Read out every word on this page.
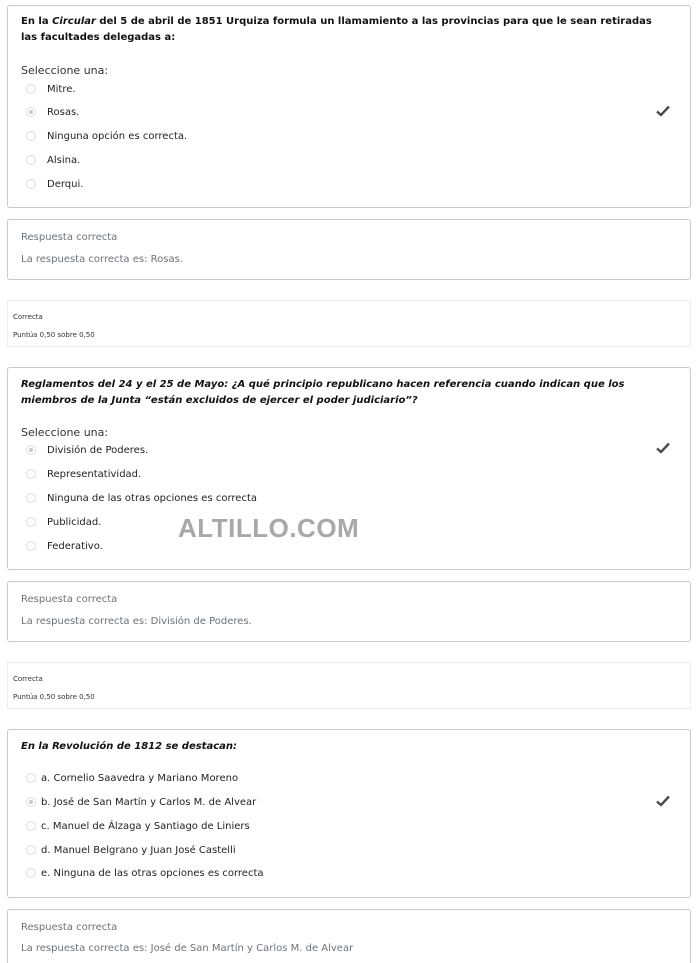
En la Circular del 5 de abril de 1851 Urquiza formula un llamamiento a las provincias para que le sean retiradas las facultades delegadas a:
Seleccione una:
Mitre.
Rosas.
Ninguna opción es correcta.
Alsina.
Derqui.
Respuesta correcta
La respuesta correcta es: Rosas.
Correcta
Puntúa 0,50 sobre 0,50
Reglamentos del 24 y el 25 de Mayo: ¿A qué principio republicano hacen referencia cuando indican que los miembros de la Junta “están excluidos de ejercer el poder judiciario”?
Seleccione una:
División de Poderes.
Representatividad.
Ninguna de las otras opciones es correcta
Publicidad.
Federativo.
Respuesta correcta
La respuesta correcta es: División de Poderes.
Correcta
Puntúa 0,50 sobre 0,50
En la Revolución de 1812 se destacan:
a. Cornelio Saavedra y Mariano Moreno
b. José de San Martín y Carlos M. de Alvear
c. Manuel de Álzaga y Santiago de Liniers
d. Manuel Belgrano y Juan José Castelli
e. Ninguna de las otras opciones es correcta
Respuesta correcta
La respuesta correcta es: José de San Martín y Carlos M. de Alvear
ALTILLO.COM
